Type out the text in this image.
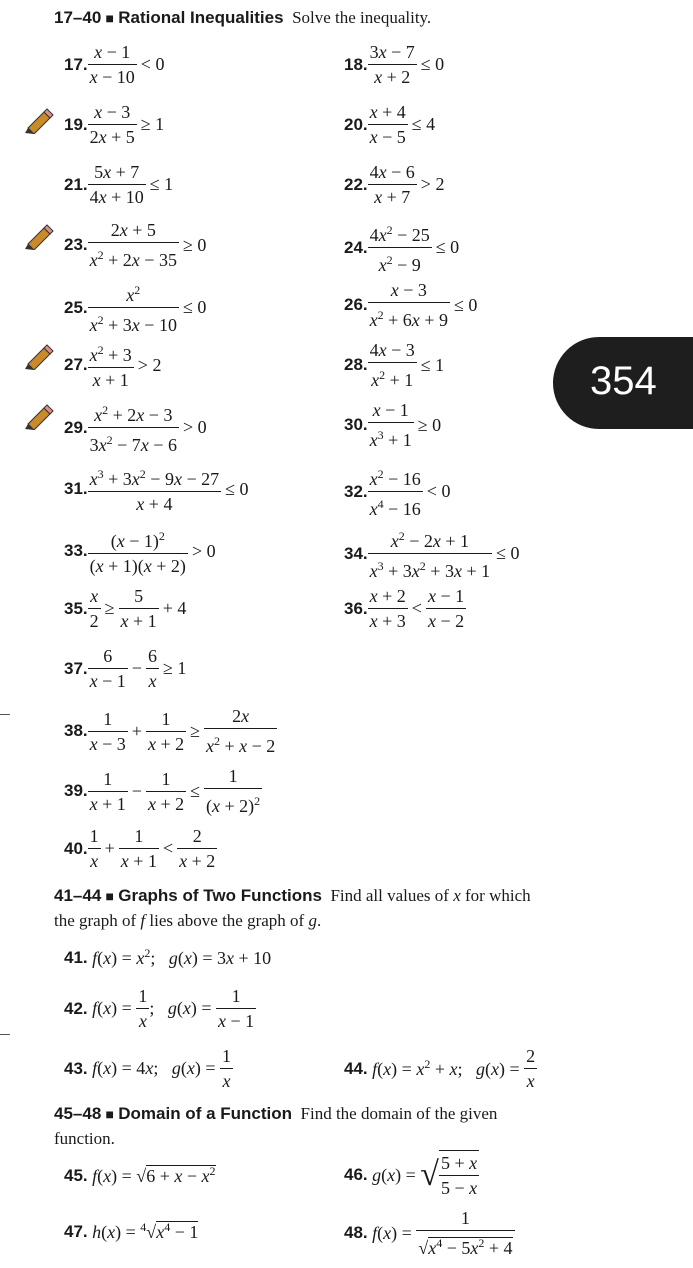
354
17–40 ■ Rational Inequalities Solve the inequality.
17. $\frac{x - 1}{x - 10} < 0$	18. $\frac{3x - 7}{x + 2} \le 0$
19. $\frac{x - 3}{2x + 5} \ge 1$	20. $\frac{x + 4}{x - 5} \le 4$
21. $\frac{5x + 7}{4x + 10} \le 1$	22. $\frac{4x - 6}{x + 7} > 2$
23. $\frac{2x + 5}{x^2 + 2x - 35} \ge 0$	24. $\frac{4x^2 - 25}{x^2 - 9} \le 0$
25. $\frac{x^2}{x^2 + 3x - 10} \le 0$	26. $\frac{x - 3}{x^2 + 6x + 9} \le 0$
27. $\frac{x^2 + 3}{x + 1} > 2$	28. $\frac{4x - 3}{x^2 + 1} \le 1$
29. $\frac{x^2 + 2x - 3}{3x^2 - 7x - 6} > 0$	30. $\frac{x - 1}{x^3 + 1} \ge 0$
31. $\frac{x^3 + 3x^2 - 9x - 27}{x + 4} \le 0$	32. $\frac{x^2 - 16}{x^4 - 16} < 0$
33. $\frac{(x - 1)^2}{(x + 1)(x + 2)} > 0$	34. $\frac{x^2 - 2x + 1}{x^3 + 3x^2 + 3x + 1} \le 0$
35. $\frac{x}{2} \ge \frac{5}{x + 1} + 4$	36. $\frac{x + 2}{x + 3} < \frac{x - 1}{x - 2}$
37. $\frac{6}{x - 1} - \frac{6}{x} \ge 1$
38. $\frac{1}{x - 3} + \frac{1}{x + 2} \ge \frac{2x}{x^2 + x - 2}$
39. $\frac{1}{x + 1} - \frac{1}{x + 2} \le \frac{1}{(x + 2)^2}$
40. $\frac{1}{x} + \frac{1}{x + 1} < \frac{2}{x + 2}$
41–44 ■ Graphs of Two Functions Find all values of x for which
the graph of f lies above the graph of g.
41. $f(x) = x^2$;   g(x) = 3x + 10
42. $f(x) = \frac{1}{x}$ ;   $g(x) = \frac{1}{x - 1}$
43. f(x) = 4x;   $g(x) = \frac{1}{x}$	44. $f(x) = x^2 + x$;   $g(x) = \frac{2}{x}$
45–48 ■ Domain of a Function Find the domain of the given
function.
45. $f(x) = √6 + x - x^2$	46. g(x) = √ $\frac{5 + x}{5 - x}$
47. $h(x) = ^4√x^4 - 1$	48. $f(x) = \frac{1}{√x^4 - 5x^2 + 4}$
